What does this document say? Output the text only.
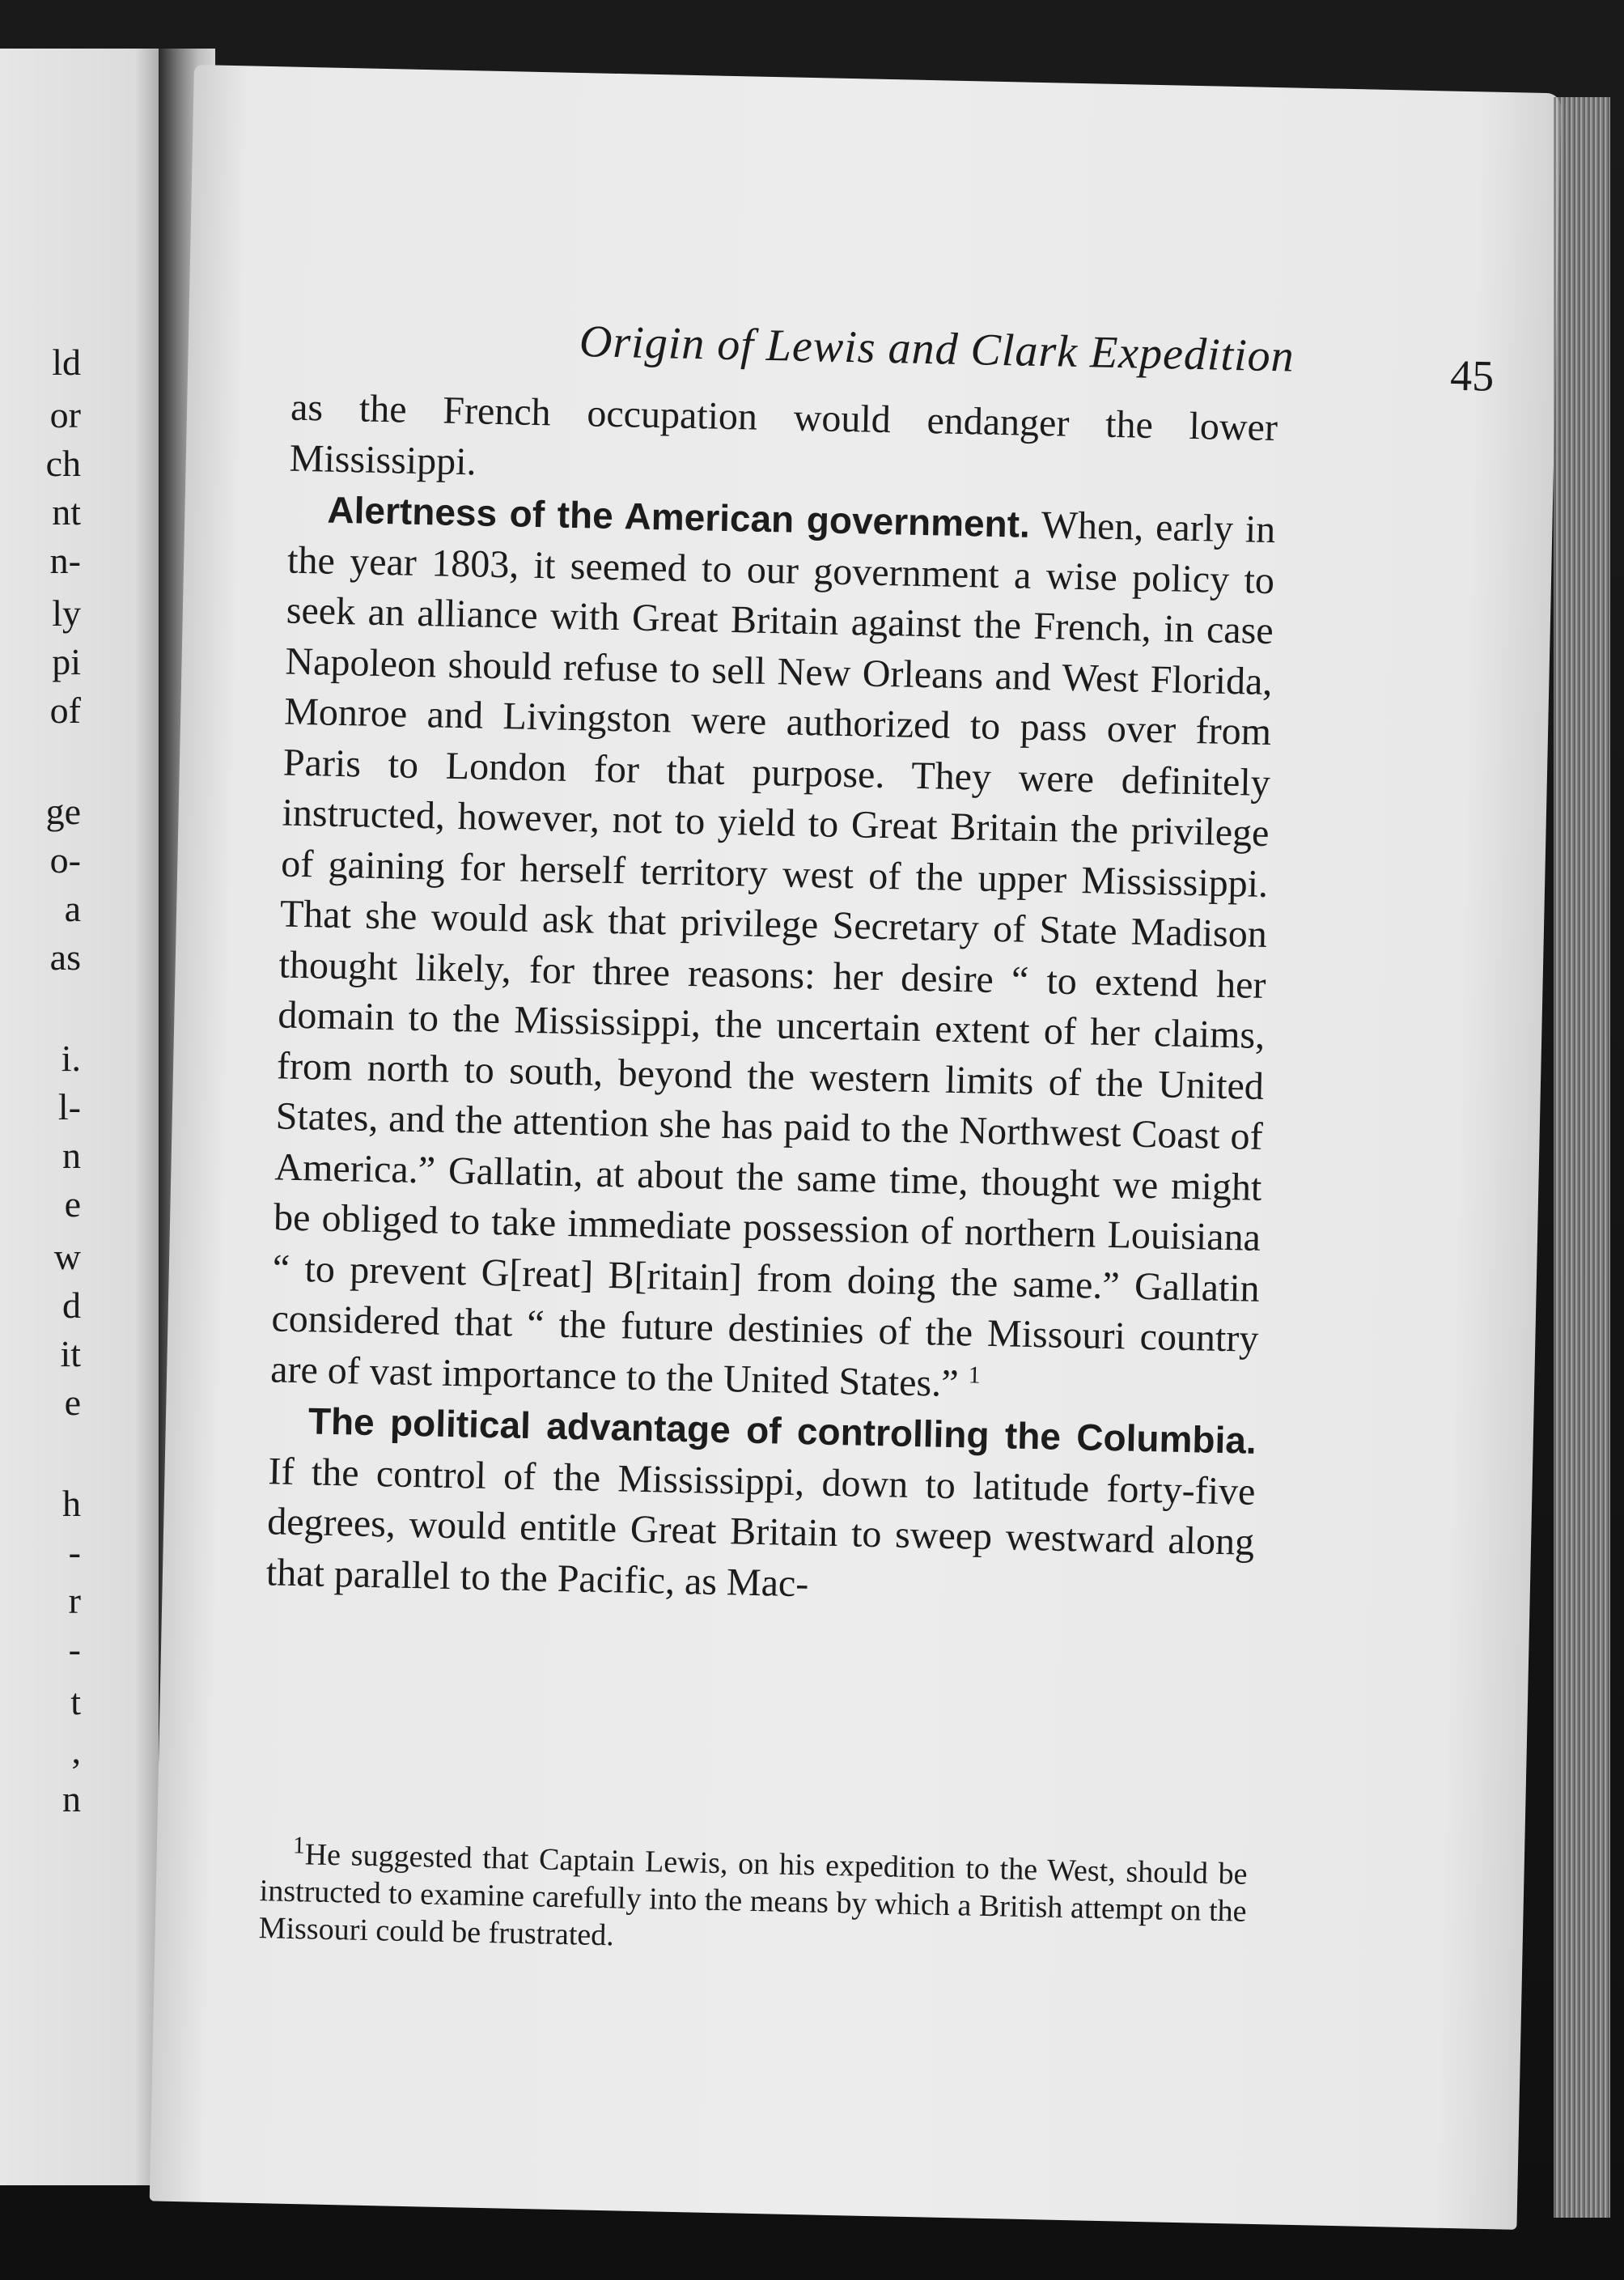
ld
or
ch
nt
n-
ly
pi
of
ge
o-
a
as
i.
l-
n
e
w
d
it
e
h
-
r
-
t
,
n
Origin of Lewis and Clark Expedition	45

as the French occupation would endanger the lower Mississippi.

Alertness of the American government. When, early in the year 1803, it seemed to our government a wise policy to seek an alliance with Great Britain against the French, in case Napoleon should refuse to sell New Orleans and West Florida, Monroe and Livingston were authorized to pass over from Paris to London for that purpose. They were definitely instructed, however, not to yield to Great Britain the privilege of gaining for herself territory west of the upper Mississippi. That she would ask that privilege Secretary of State Madison thought likely, for three reasons: her desire “ to extend her domain to the Mississippi, the uncertain extent of her claims, from north to south, beyond the western limits of the United States, and the attention she has paid to the Northwest Coast of America.” Gallatin, at about the same time, thought we might be obliged to take immediate possession of northern Louisiana “ to prevent G[reat] B[ritain] from doing the same.” Gallatin considered that “ the future destinies of the Missouri country are of vast importance to the United States.” $^1$

The political advantage of controlling the Columbia. If the control of the Mississippi, down to latitude forty-five degrees, would entitle Great Britain to sweep westward along that parallel to the Pacific, as Mac-

$^1$He suggested that Captain Lewis, on his expedition to the West, should be instructed to examine carefully into the means by which a British attempt on the Missouri could be frustrated.
